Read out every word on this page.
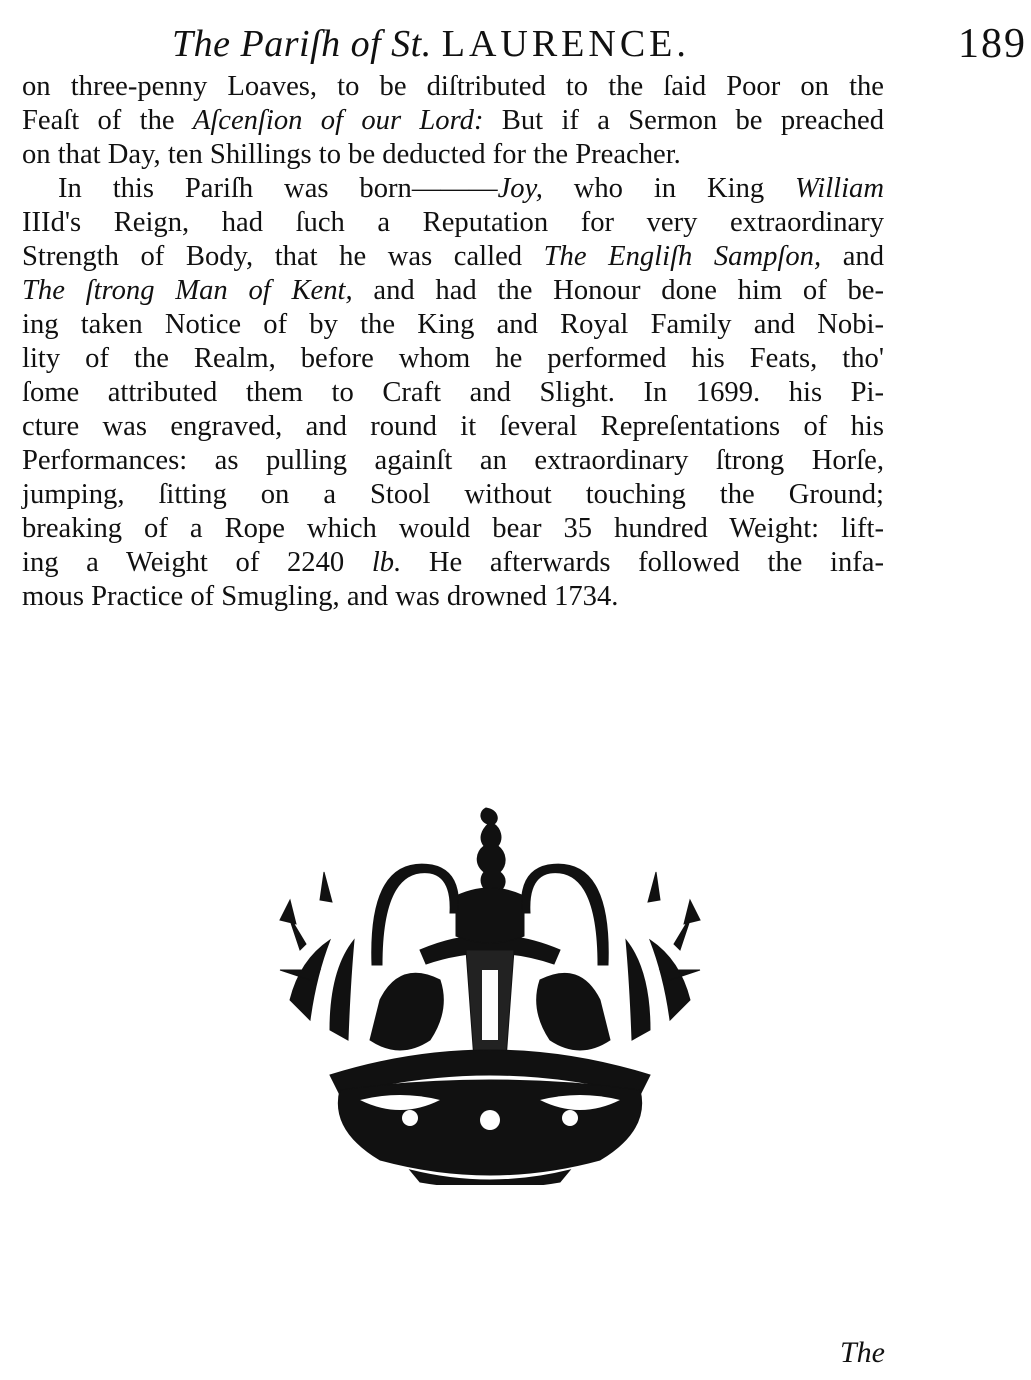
The Pariſh of St. LAURENCE.	189
on three-penny Loaves, to be diſtributed to the ſaid Poor on the
Feaſt of the Aſcenſion of our Lord: But if a Sermon be preached
on that Day, ten Shillings to be deducted for the Preacher.
In this Pariſh was born———Joy, who in King William
IIId's Reign, had ſuch a Reputation for very extraordinary
Strength of Body, that he was called The Engliſh Sampſon, and
The ſtrong Man of Kent, and had the Honour done him of be-
ing taken Notice of by the King and Royal Family and Nobi-
lity of the Realm, before whom he performed his Feats, tho'
ſome attributed them to Craft and Slight. In 1699. his Pi-
cture was engraved, and round it ſeveral Repreſentations of his
Performances: as pulling againſt an extraordinary ſtrong Horſe,
jumping, ſitting on a Stool without touching the Ground;
breaking of a Rope which would bear 35 hundred Weight: lift-
ing a Weight of 2240 lb. He afterwards followed the infa-
mous Practice of Smugling, and was drowned 1734.
The
